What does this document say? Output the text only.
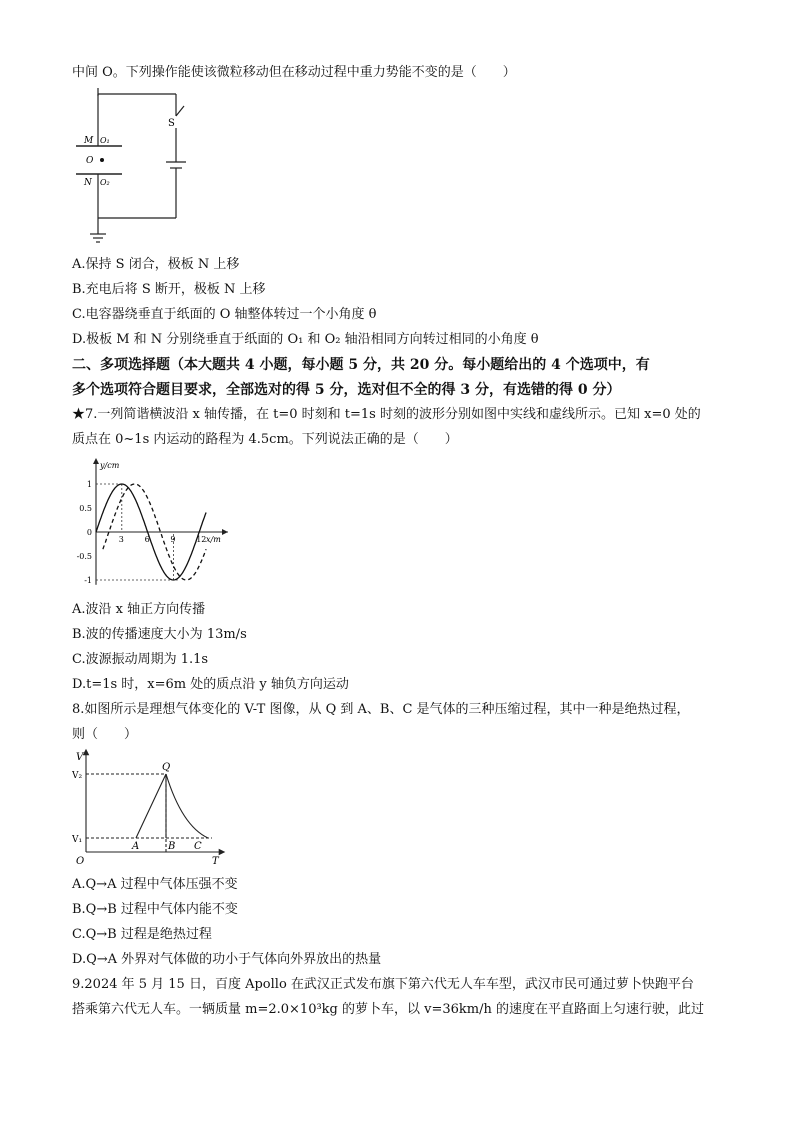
中间 O。下列操作能使该微粒移动但在移动过程中重力势能不变的是（　　）
S
M O₁
O
N O₂
A.保持 S 闭合，极板 N 上移
B.充电后将 S 断开，极板 N 上移
C.电容器绕垂直于纸面的 O 轴整体转过一个小角度 θ
D.极板 M 和 N 分别绕垂直于纸面的 O₁ 和 O₂ 轴沿相同方向转过相同的小角度 θ
二、多项选择题（本大题共 4 小题，每小题 5 分，共 20 分。每小题给出的 4 个选项中，有
多个选项符合题目要求，全部选对的得 5 分，选对但不全的得 3 分，有选错的得 0 分）
★7.一列简谐横波沿 x 轴传播，在 t=0 时刻和 t=1s 时刻的波形分别如图中实线和虚线所示。已知 x=0 处的
质点在 0~1s 内运动的路程为 4.5cm。下列说法正确的是（　　）
y/cm
x/m
3	6	9	12
1
0.5
0
-0.5
-1
A.波沿 x 轴正方向传播
B.波的传播速度大小为 13m/s
C.波源振动周期为 1.1s
D.t=1s 时，x=6m 处的质点沿 y 轴负方向运动
8.如图所示是理想气体变化的 V-T 图像，从 Q 到 A、B、C 是气体的三种压缩过程，其中一种是绝热过程，
则（　　）
V
T
V₂
V₁
Q
A	B C
O
A.Q→A 过程中气体压强不变
B.Q→B 过程中气体内能不变
C.Q→B 过程是绝热过程
D.Q→A 外界对气体做的功小于气体向外界放出的热量
9.2024 年 5 月 15 日，百度 Apollo 在武汉正式发布旗下第六代无人车车型，武汉市民可通过萝卜快跑平台
搭乘第六代无人车。一辆质量 m=2.0×10³kg 的萝卜车，以 v=36km/h 的速度在平直路面上匀速行驶，此过
